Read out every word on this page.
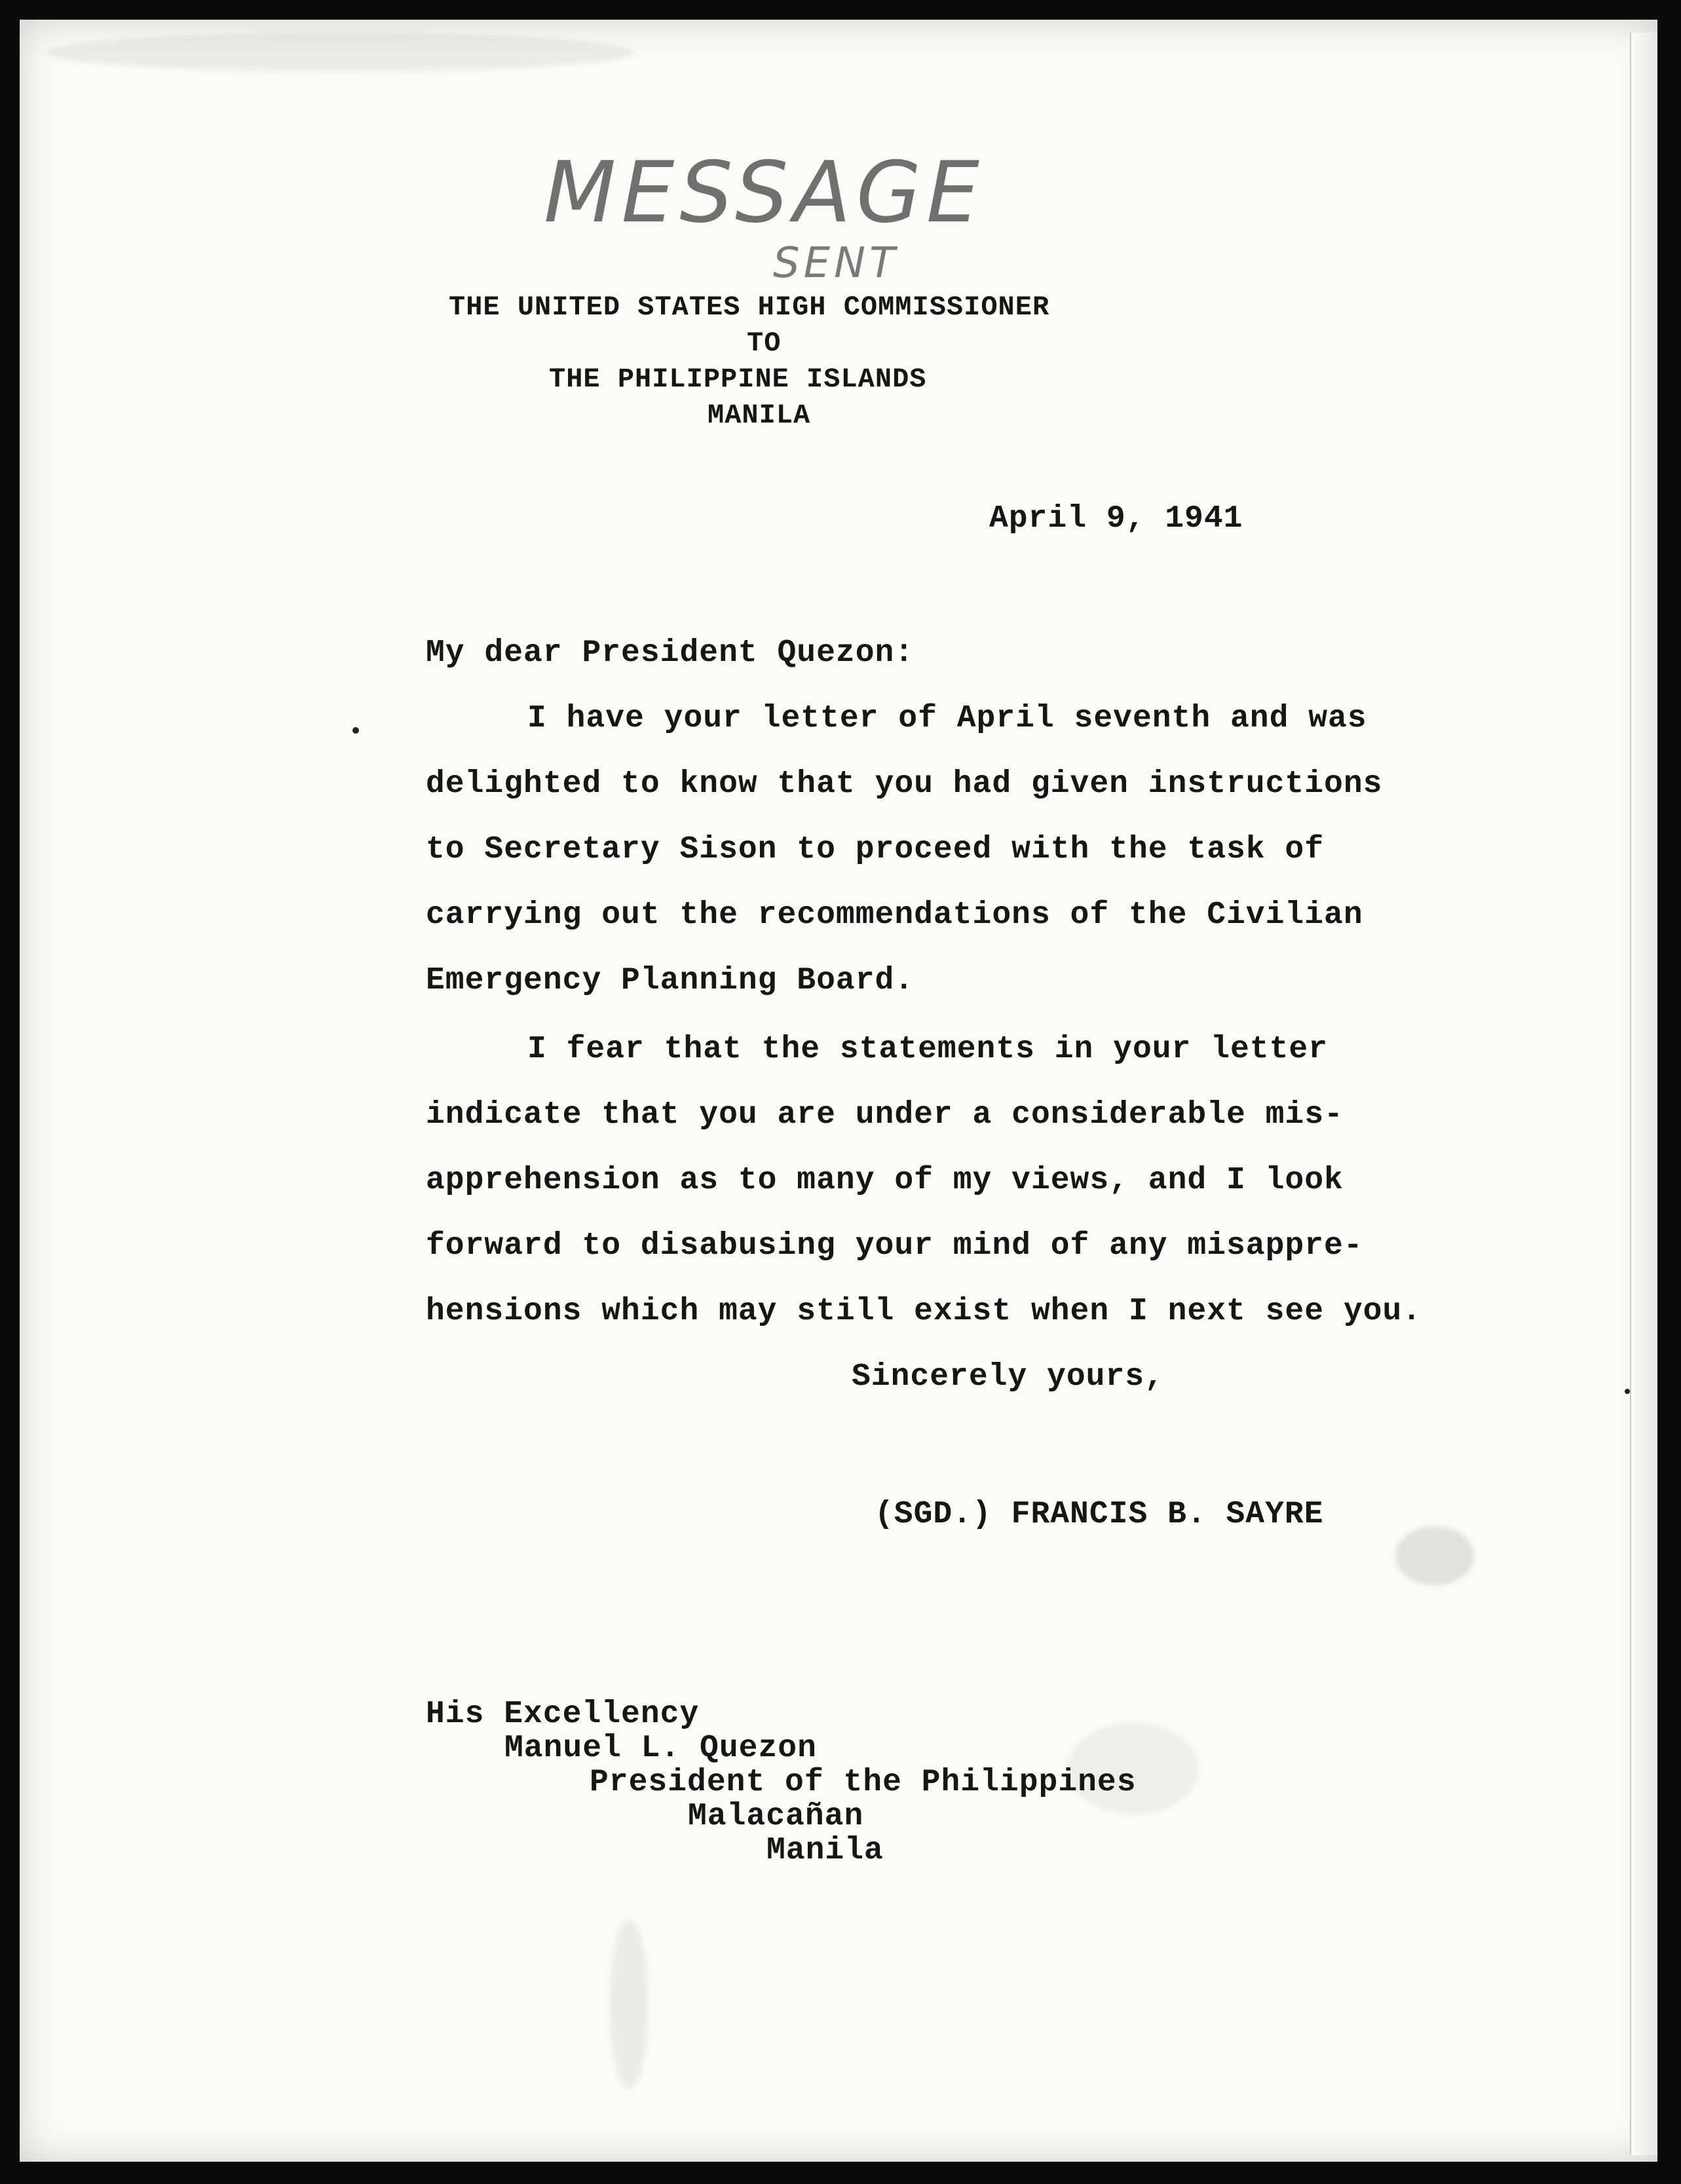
MESSAGE
SENT
THE UNITED STATES HIGH COMMISSIONER
TO
THE PHILIPPINE ISLANDS
MANILA
April 9, 1941
My dear President Quezon:
I have your letter of April seventh and was
delighted to know that you had given instructions
to Secretary Sison to proceed with the task of
carrying out the recommendations of the Civilian
Emergency Planning Board.
I fear that the statements in your letter
indicate that you are under a considerable mis-
apprehension as to many of my views, and I look
forward to disabusing your mind of any misappre-
hensions which may still exist when I next see you.
Sincerely yours,
(SGD.) FRANCIS B. SAYRE
His Excellency
Manuel L. Quezon
President of the Philippines
Malacañan
Manila
